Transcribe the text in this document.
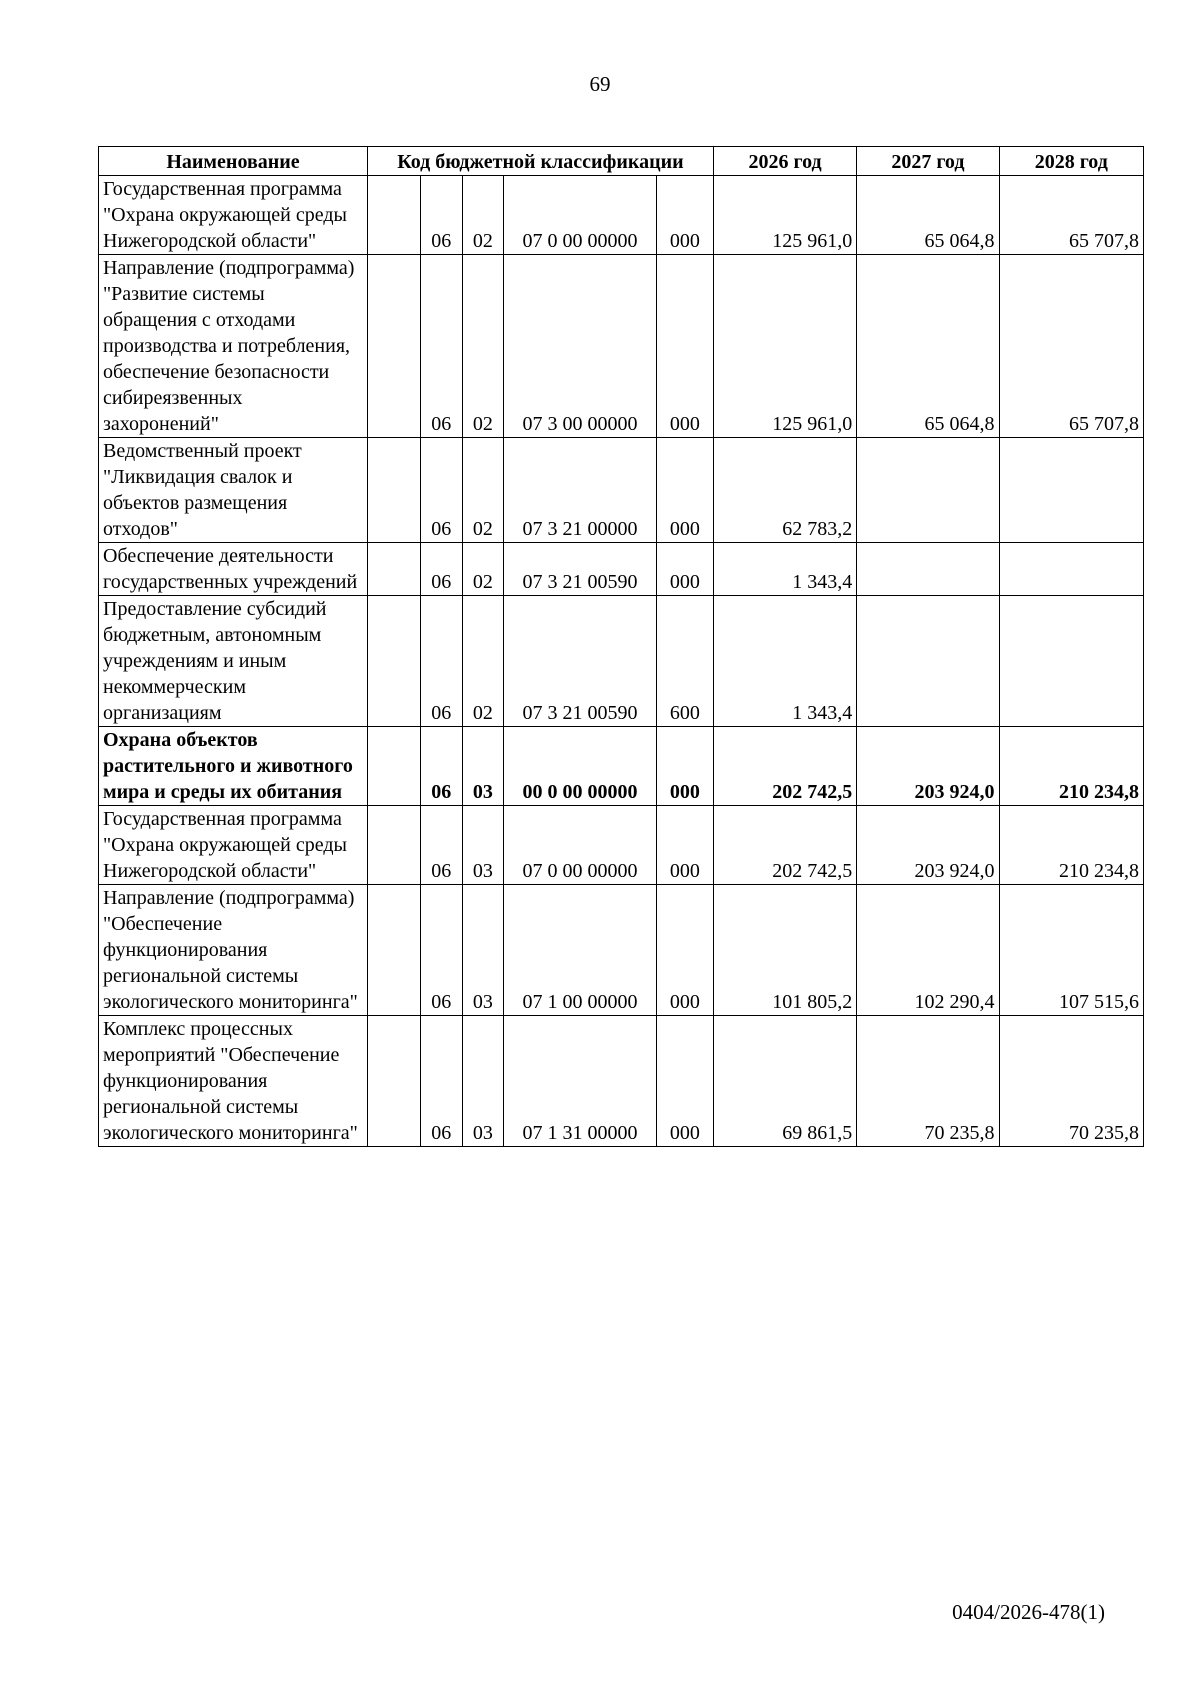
69
Наименование	Код бюджетной классификации					2026 год	2027 год	2028 год
Государственная программа "Охрана окружающей среды Нижегородской области"		06	02	07 0 00 00000	000	125 961,0	65 064,8	65 707,8
Направление (подпрограмма) "Развитие системы обращения с отходами производства и потребления, обеспечение безопасности сибиреязвенных захоронений"		06	02	07 3 00 00000	000	125 961,0	65 064,8	65 707,8
Ведомственный проект "Ликвидация свалок и объектов размещения отходов"		06	02	07 3 21 00000	000	62 783,2		
Обеспечение деятельности государственных учреждений		06	02	07 3 21 00590	000	1 343,4		
Предоставление субсидий бюджетным, автономным учреждениям и иным некоммерческим организациям		06	02	07 3 21 00590	600	1 343,4		
Охрана объектов растительного и животного мира и среды их обитания		06	03	00 0 00 00000	000	202 742,5	203 924,0	210 234,8
Государственная программа "Охрана окружающей среды Нижегородской области"		06	03	07 0 00 00000	000	202 742,5	203 924,0	210 234,8
Направление (подпрограмма) "Обеспечение функционирования региональной системы экологического мониторинга"		06	03	07 1 00 00000	000	101 805,2	102 290,4	107 515,6
Комплекс процессных мероприятий "Обеспечение функционирования региональной системы экологического мониторинга"		06	03	07 1 31 00000	000	69 861,5	70 235,8	70 235,8
0404/2026-478(1)
